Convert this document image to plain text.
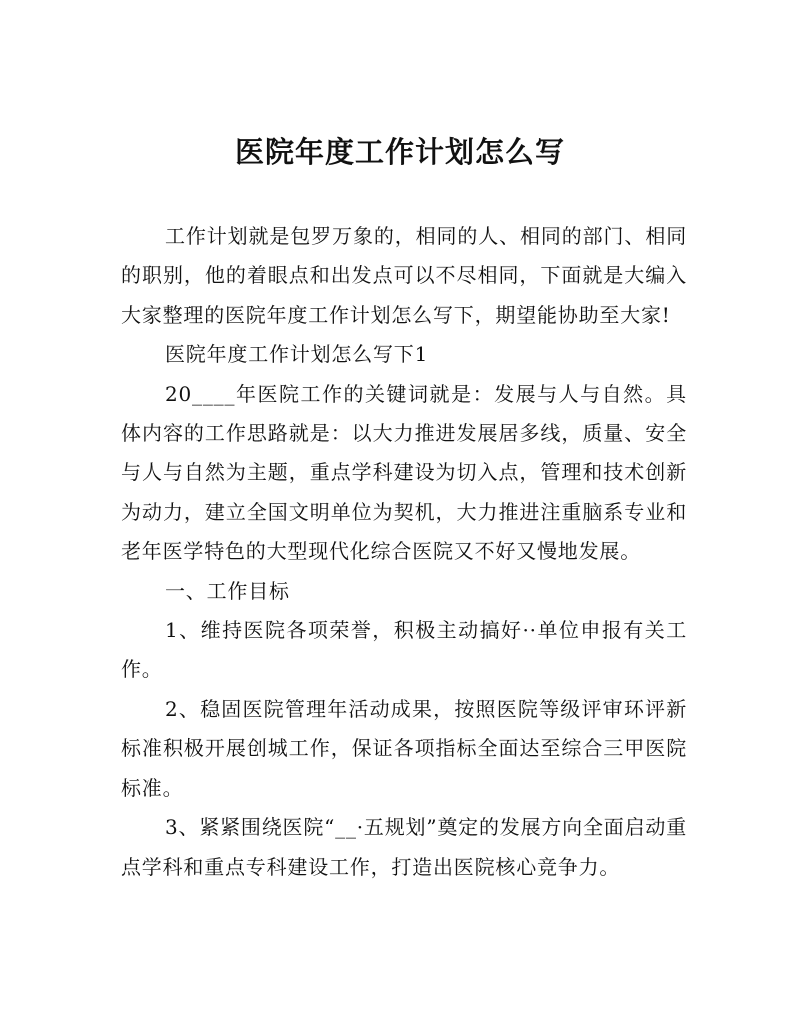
医院年度工作计划怎么写

工作计划就是包罗万象的，相同的人、相同的部门、相同的职别，他的着眼点和出发点可以不尽相同，下面就是大编入大家整理的医院年度工作计划怎么写下，期望能协助至大家!

医院年度工作计划怎么写下1

20____年医院工作的关键词就是：发展与人与自然。具体内容的工作思路就是：以大力推进发展居多线，质量、安全与人与自然为主题，重点学科建设为切入点，管理和技术创新为动力，建立全国文明单位为契机，大力推进注重脑系专业和老年医学特色的大型现代化综合医院又不好又慢地发展。

一、工作目标

1、维持医院各项荣誉，积极主动搞好··单位申报有关工作。

2、稳固医院管理年活动成果，按照医院等级评审环评新标准积极开展创城工作，保证各项指标全面达至综合三甲医院标准。

3、紧紧围绕医院“__·五规划”奠定的发展方向全面启动重点学科和重点专科建设工作，打造出医院核心竞争力。
